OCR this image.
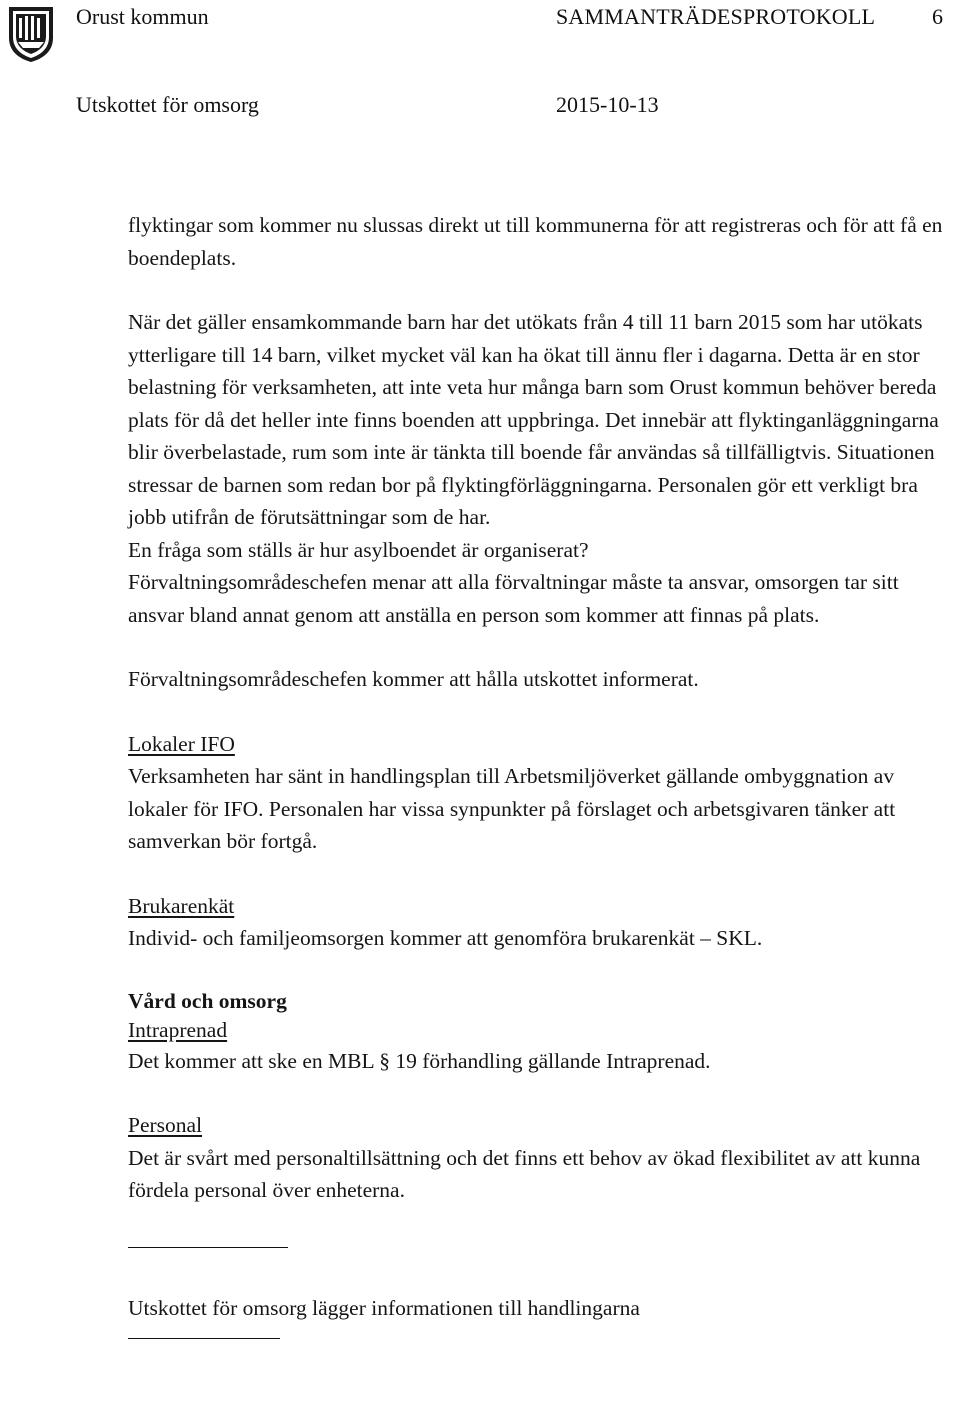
Orust kommun	SAMMANTRÄDESPROTOKOLL	6
Utskottet för omsorg	2015-10-13

flyktingar som kommer nu slussas direkt ut till kommunerna för att registreras och för att få en boendeplats.

När det gäller ensamkommande barn har det utökats från 4 till 11 barn 2015 som har utökats ytterligare till 14 barn, vilket mycket väl kan ha ökat till ännu fler i dagarna. Detta är en stor belastning för verksamheten, att inte veta hur många barn som Orust kommun behöver bereda plats för då det heller inte finns boenden att uppbringa. Det innebär att flyktinganläggningarna blir överbelastade, rum som inte är tänkta till boende får användas så tillfälligtvis. Situationen stressar de barnen som redan bor på flyktingförläggningarna. Personalen gör ett verkligt bra jobb utifrån de förutsättningar som de har.

En fråga som ställs är hur asylboendet är organiserat?

Förvaltningsområdeschefen menar att alla förvaltningar måste ta ansvar, omsorgen tar sitt ansvar bland annat genom att anställa en person som kommer att finnas på plats.

Förvaltningsområdeschefen kommer att hålla utskottet informerat.

Lokaler IFO

Verksamheten har sänt in handlingsplan till Arbetsmiljöverket gällande ombyggnation av lokaler för IFO. Personalen har vissa synpunkter på förslaget och arbetsgivaren tänker att samverkan bör fortgå.

Brukarenkät

Individ- och familjeomsorgen kommer att genomföra brukarenkät – SKL.

Vård och omsorg

Intraprenad

Det kommer att ske en MBL § 19 förhandling gällande Intraprenad.

Personal

Det är svårt med personaltillsättning och det finns ett behov av ökad flexibilitet av att kunna fördela personal över enheterna.

Utskottet för omsorg lägger informationen till handlingarna
